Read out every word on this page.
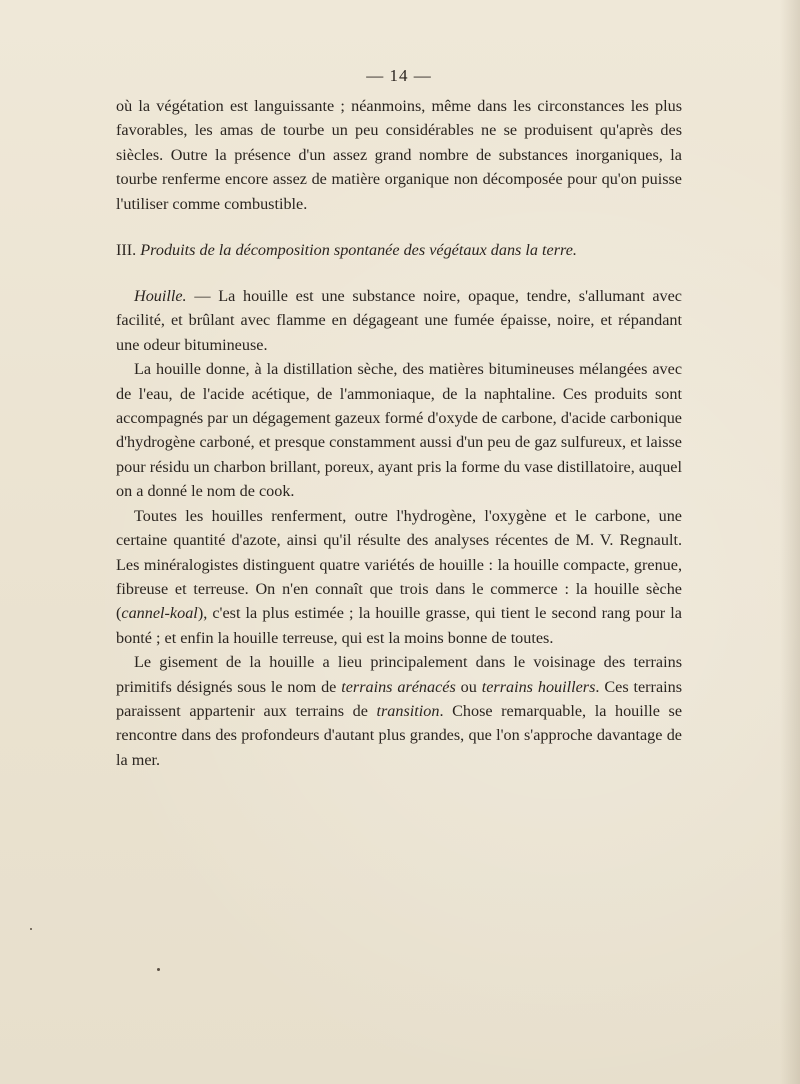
— 14 —

où la végétation est languissante ; néanmoins, même dans les circonstances les plus favorables, les amas de tourbe un peu considérables ne se produisent qu'après des siècles. Outre la présence d'un assez grand nombre de substances inorganiques, la tourbe renferme encore assez de matière organique non décomposée pour qu'on puisse l'utiliser comme combustible.

III. Produits de la décomposition spontanée des végétaux dans la terre.

Houille. — La houille est une substance noire, opaque, tendre, s'allumant avec facilité, et brûlant avec flamme en dégageant une fumée épaisse, noire, et répandant une odeur bitumineuse.

La houille donne, à la distillation sèche, des matières bitumineuses mélangées avec de l'eau, de l'acide acétique, de l'ammoniaque, de la naphtaline. Ces produits sont accompagnés par un dégagement gazeux formé d'oxyde de carbone, d'acide carbonique d'hydrogène carboné, et presque constamment aussi d'un peu de gaz sulfureux, et laisse pour résidu un charbon brillant, poreux, ayant pris la forme du vase distillatoire, auquel on a donné le nom de cook.

Toutes les houilles renferment, outre l'hydrogène, l'oxygène et le carbone, une certaine quantité d'azote, ainsi qu'il résulte des analyses récentes de M. V. Regnault. Les minéralogistes distinguent quatre variétés de houille : la houille compacte, grenue, fibreuse et terreuse. On n'en connaît que trois dans le commerce : la houille sèche (cannel-koal), c'est la plus estimée ; la houille grasse, qui tient le second rang pour la bonté ; et enfin la houille terreuse, qui est la moins bonne de toutes.

Le gisement de la houille a lieu principalement dans le voisinage des terrains primitifs désignés sous le nom de terrains arénacés ou terrains houillers. Ces terrains paraissent appartenir aux terrains de transition. Chose remarquable, la houille se rencontre dans des profondeurs d'autant plus grandes, que l'on s'approche davantage de la mer.
